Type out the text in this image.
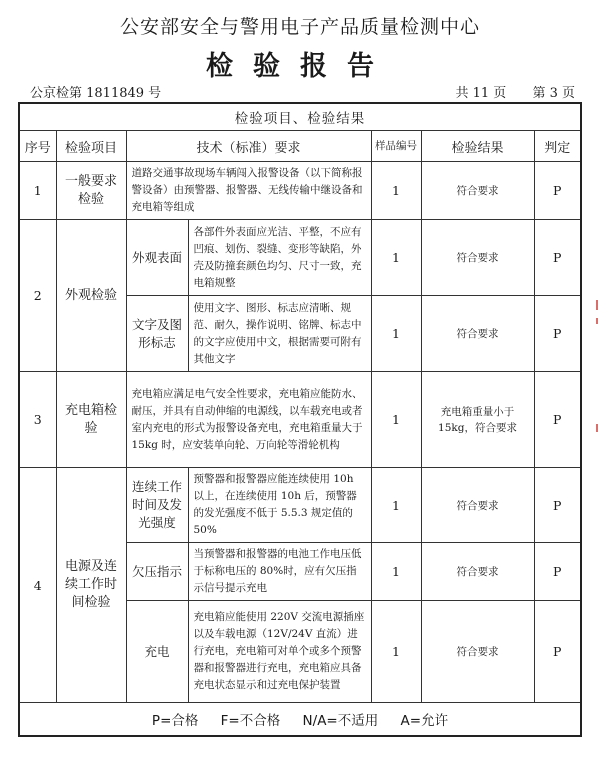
公安部安全与警用电子产品质量检测中心
检验报告
公京检第 1811849 号	共 11 页 第 3 页
检验项目、检验结果						
序号	检验项目	技术（标准）要求		样品编号	检验结果	判定
1	一般要求检验	道路交通事故现场车辆闯入报警设备（以下简称报警设备）由预警器、报警器、无线传输中继设备和充电箱等组成		1	符合要求	P
2	外观检验	外观表面	各部件外表面应光洁、平整，不应有凹痕、划伤、裂缝、变形等缺陷，外壳及防撞套颜色均匀、尺寸一致，充电箱规整	1	符合要求	P
		文字及图形标志	使用文字、图形、标志应清晰、规范、耐久，操作说明、铭牌、标志中的文字应使用中文，根据需要可附有其他文字	1	符合要求	P
3	充电箱检验	充电箱应满足电气安全性要求，充电箱应能防水、耐压，并具有自动伸缩的电源线，以车载充电或者室内充电的形式为报警设备充电，充电箱重量大于 15kg 时，应安装单向轮、万向轮等滑轮机构		1	充电箱重量小于 15kg，符合要求	P
4	电源及连续工作时间检验	连续工作时间及发光强度	预警器和报警器应能连续使用 10h 以上，在连续使用 10h 后，预警器的发光强度不低于 5.5.3 规定值的 50%	1	符合要求	P
		欠压指示	当预警器和报警器的电池工作电压低于标称电压的 80%时，应有欠压指示信号提示充电	1	符合要求	P
		充电	充电箱应能使用 220V 交流电源插座以及车载电源（12V/24V 直流）进行充电，充电箱可对单个或多个预警器和报警器进行充电，充电箱应具备充电状态显示和过充电保护装置	1	符合要求	P
P=合格 F=不合格 N/A=不适用 A=允许						
